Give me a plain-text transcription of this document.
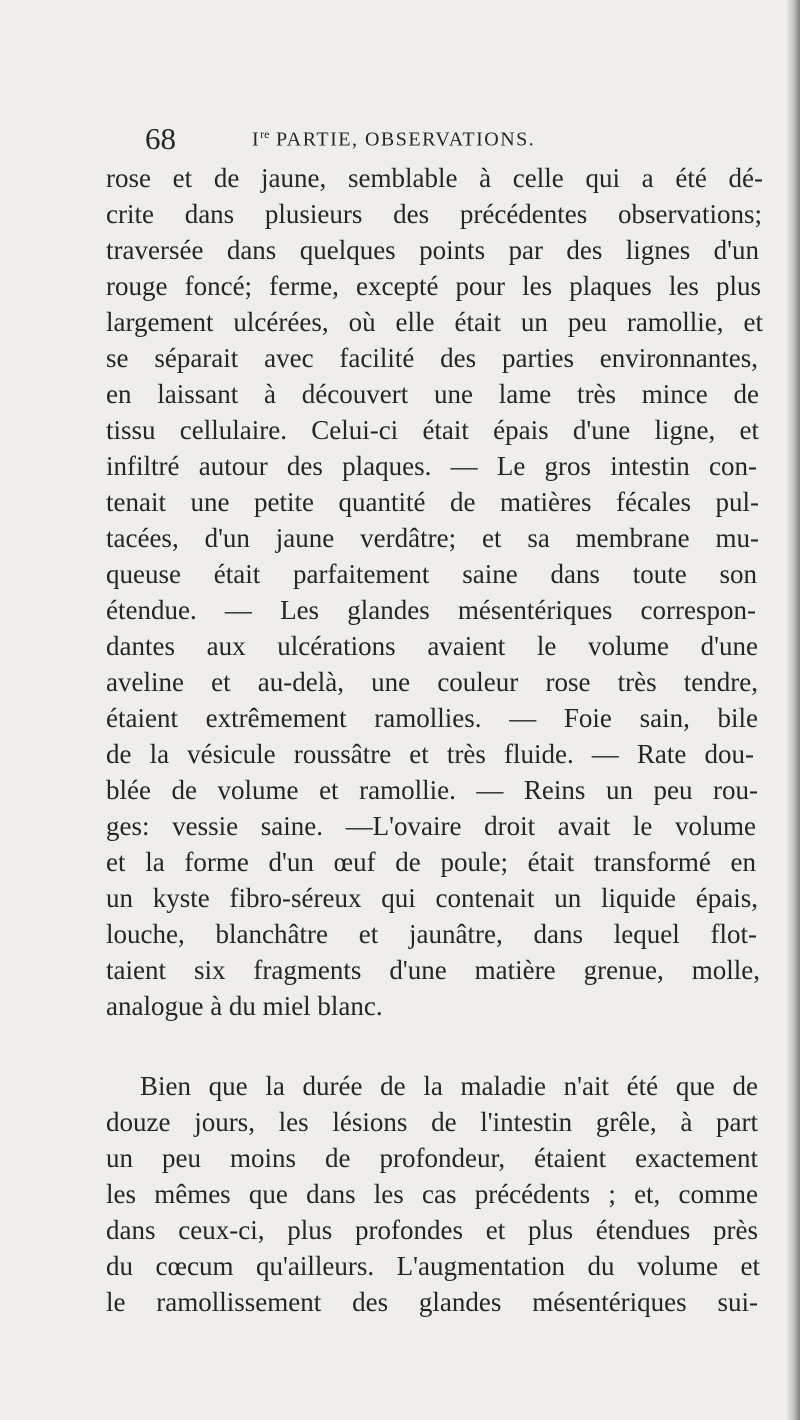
68	Ire PARTIE, OBSERVATIONS.
rose et de jaune, semblable à celle qui a été dé-
crite dans plusieurs des précédentes observations;
traversée dans quelques points par des lignes d'un
rouge foncé; ferme, excepté pour les plaques les plus
largement ulcérées, où elle était un peu ramollie, et
se séparait avec facilité des parties environnantes,
en laissant à découvert une lame très mince de
tissu cellulaire. Celui-ci était épais d'une ligne, et
infiltré autour des plaques. — Le gros intestin con-
tenait une petite quantité de matières fécales pul-
tacées, d'un jaune verdâtre; et sa membrane mu-
queuse était parfaitement saine dans toute son
étendue. — Les glandes mésentériques correspon-
dantes aux ulcérations avaient le volume d'une
aveline et au-delà, une couleur rose très tendre,
étaient extrêmement ramollies. — Foie sain, bile
de la vésicule roussâtre et très fluide. — Rate dou-
blée de volume et ramollie. — Reins un peu rou-
ges: vessie saine. —L'ovaire droit avait le volume
et la forme d'un œuf de poule; était transformé en
un kyste fibro-séreux qui contenait un liquide épais,
louche, blanchâtre et jaunâtre, dans lequel flot-
taient six fragments d'une matière grenue, molle,
analogue à du miel blanc.
Bien que la durée de la maladie n'ait été que de
douze jours, les lésions de l'intestin grêle, à part
un peu moins de profondeur, étaient exactement
les mêmes que dans les cas précédents ; et, comme
dans ceux-ci, plus profondes et plus étendues près
du cœcum qu'ailleurs. L'augmentation du volume et
le ramollissement des glandes mésentériques sui-
